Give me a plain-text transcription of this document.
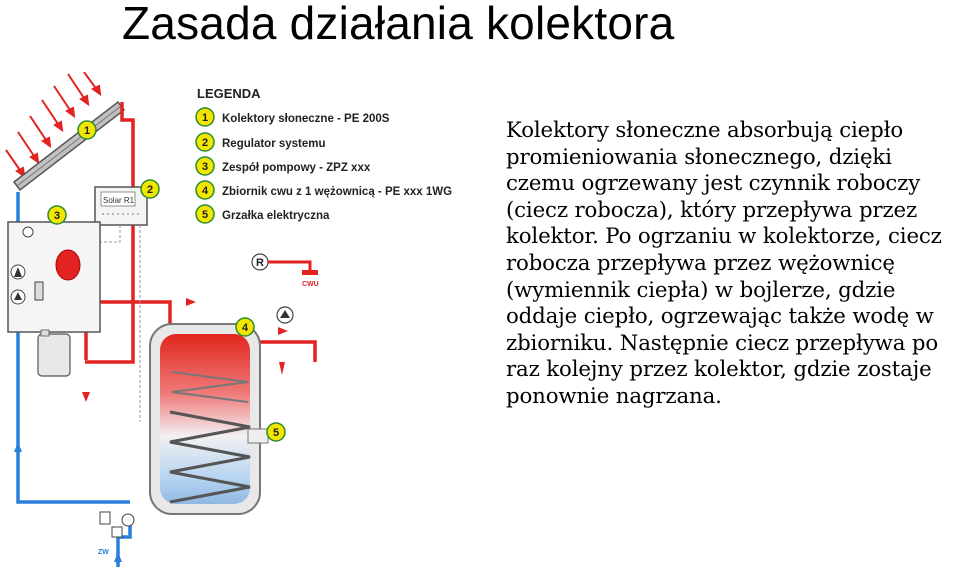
Zasada działania kolektora
Solar R1
LEGENDA
1
2
3
4
5
1 Kolektory słoneczne - PE 200S
2 Regulator systemu
3 Zespół pompowy - ZPZ xxx
4 Zbiornik cwu z 1 wężownicą - PE xxx 1WG
5 Grzałka elektryczna
R
CWU
ZW

Kolektory słoneczne absorbują ciepło promieniowania słonecznego, dzięki czemu ogrzewany jest czynnik roboczy (ciecz robocza), który przepływa przez kolektor. Po ogrzaniu w kolektorze, ciecz robocza przepływa przez wężownicę (wymiennik ciepła) w bojlerze, gdzie oddaje ciepło, ogrzewając także wodę w zbiorniku. Następnie ciecz przepływa po raz kolejny przez kolektor, gdzie zostaje ponownie nagrzana.
